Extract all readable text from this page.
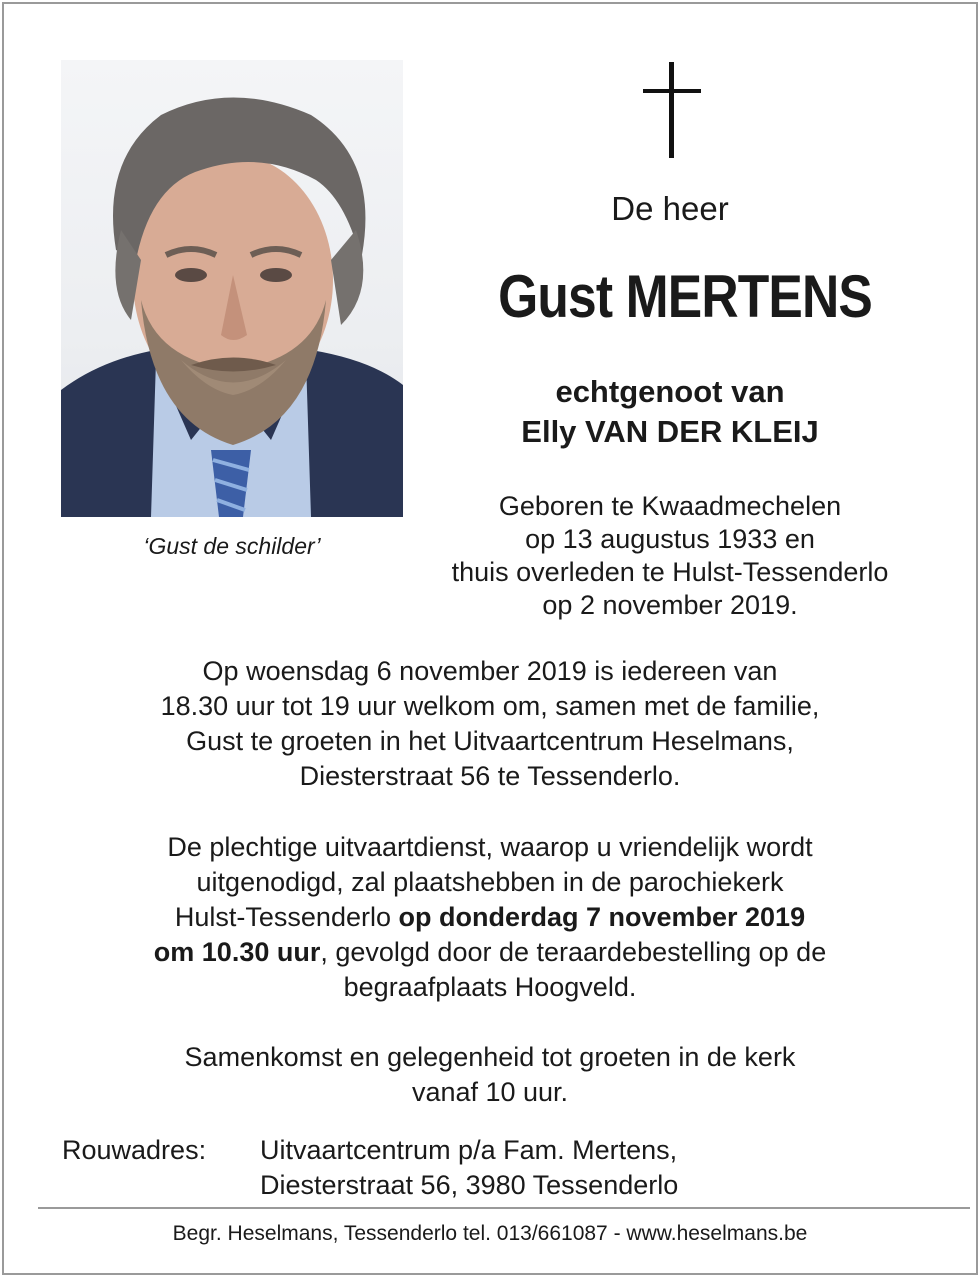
‘Gust de schilder’
De heer
Gust MERTENS
echtgenoot van
Elly VAN DER KLEIJ
Geboren te Kwaadmechelen
op 13 augustus 1933 en
thuis overleden te Hulst-Tessenderlo
op 2 november 2019.
Op woensdag 6 november 2019 is iedereen van
18.30 uur tot 19 uur welkom om, samen met de familie,
Gust te groeten in het Uitvaartcentrum Heselmans,
Diesterstraat 56 te Tessenderlo.
De plechtige uitvaartdienst, waarop u vriendelijk wordt
uitgenodigd, zal plaatshebben in de parochiekerk
Hulst-Tessenderlo op donderdag 7 november 2019
om 10.30 uur, gevolgd door de teraardebestelling op de
begraafplaats Hoogveld.
Samenkomst en gelegenheid tot groeten in de kerk
vanaf 10 uur.
Rouwadres: Uitvaartcentrum p/a Fam. Mertens,
Diesterstraat 56, 3980 Tessenderlo
Begr. Heselmans, Tessenderlo tel. 013/661087 - www.heselmans.be
